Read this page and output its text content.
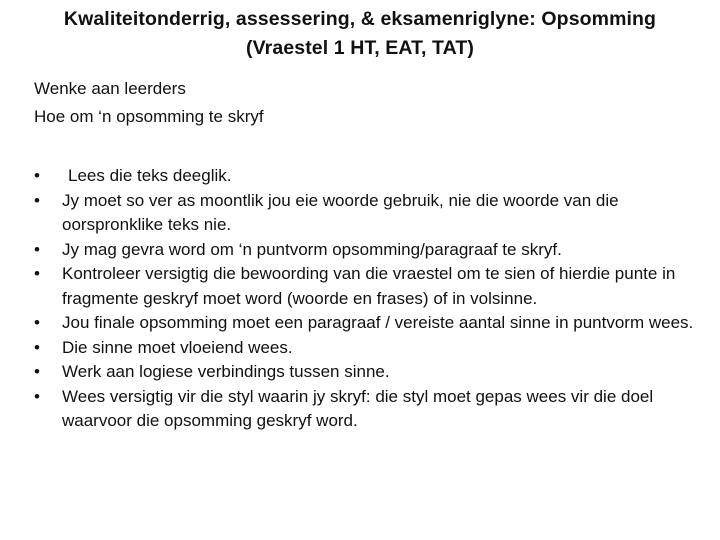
Kwaliteitonderrig, assessering, & eksamenriglyne: Opsomming
(Vraestel 1 HT, EAT, TAT)
Wenke aan leerders
Hoe om ‘n opsomming te skryf
•	Lees die teks deeglik.
•	Jy moet so ver as moontlik jou eie woorde gebruik, nie die woorde van die oorspronklike teks nie.
•	Jy mag gevra word om ‘n puntvorm opsomming/paragraaf te skryf.
•	Kontroleer versigtig die bewoording van die vraestel om te sien of hierdie punte in fragmente geskryf moet word (woorde en frases) of in volsinne.
•	Jou finale opsomming moet een paragraaf / vereiste aantal sinne in puntvorm wees.
•	Die sinne moet vloeiend wees.
•	Werk aan logiese verbindings tussen sinne.
•	Wees versigtig vir die styl waarin jy skryf: die styl moet gepas wees vir die doel waarvoor die opsomming geskryf word.
